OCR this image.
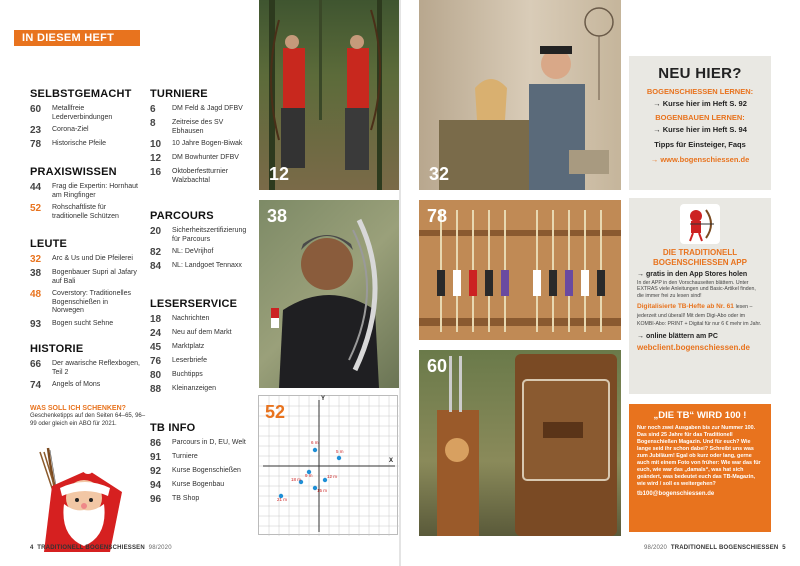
IN DIESEM HEFT
SELBSTGEMACHT
60	Metallfreie Lederverbindungen
23	Corona-Ziel
78	Historische Pfeile
PRAXISWISSEN
44	Frag die Expertin: Hornhaut am Ringfinger
52	Rohschaftliste für traditionelle Schützen
LEUTE
32	Arc & Us und Die Pfeilerei
38	Bogenbauer Supri al Jafary auf Bali
48	Coverstory: Traditionelles Bogenschießen in Norwegen
93	Bogen sucht Sehne
HISTORIE
66	Der awarische Reflexbogen, Teil 2
74	Angels of Mons
TURNIERE
6	DM Feld & Jagd DFBV
8	Zeitreise des SV Ebhausen
10	10 Jahre Bogen-Biwak
12	DM Bowhunter DFBV
16	Oktoberfestturnier Walzbachtal
PARCOURS
20	Sicherheitszertifizierung für Parcours
82	NL: DeVrijhof
84	NL: Landgoet Tennaxx
LESERSERVICE
18	Nachrichten
24	Neu auf dem Markt
45	Marktplatz
76	Leserbriefe
80	Buchtipps
88	Kleinanzeigen
TB INFO
86	Parcours in D, EU, Welt
91	Turniere
92	Kurse Bogenschießen
94	Kurse Bogenbau
96	TB Shop
WAS SOLL ICH SCHENKEN?
Geschenketipps auf den Seiten 64–65, 96–99 oder gleich ein ABO für 2021.
12	32
38	78
60
52
Y
X
6 m
5 m
9 m	12 m
18 m
15 m
21 m
NEU HIER?
BOGENSCHIESSEN LERNEN:
→ Kurse hier im Heft S. 92
BOGENBAUEN LERNEN:
→ Kurse hier im Heft S. 94
Tipps für Einsteiger, Faqs
→ www.bogenschiessen.de
DIE TRADITIONELL BOGENSCHIESSEN APP
→ gratis in den App Stores holen
In der APP in den Vorschauseiten blättern. Unter EXTRAS viele Anleitungen und Basic-Artikel finden, die immer frei zu lesen sind!
Digitalisierte TB-Hefte ab Nr. 61 lesen – jederzeit und überall! Mit dem Digi-Abo oder im KOMBI-Abo: PRINT + Digital für nur 6 € mehr im Jahr.
→ online blättern am PC
webclient.bogenschiessen.de
„DIE TB“ WIRD 100 !
Nur noch zwei Ausgaben bis zur Nummer 100. Das sind 25 Jahre für das Traditionell Bogenschießen Magazin. Und für euch? Wie lange seid ihr schon dabei? Schreibt uns was zum Jubiläum! Egal ob kurz oder lang, gerne auch mit einem Foto von früher: Wie war das für euch, wie war das „damals“, was hat sich geändert, was bedeutet euch das TB-Magazin, wie wird / soll es weitergehen?
tb100@bogenschiessen.de
4 TRADITIONELL BOGENSCHIESSEN 98/2020	98/2020 TRADITIONELL BOGENSCHIESSEN 5
